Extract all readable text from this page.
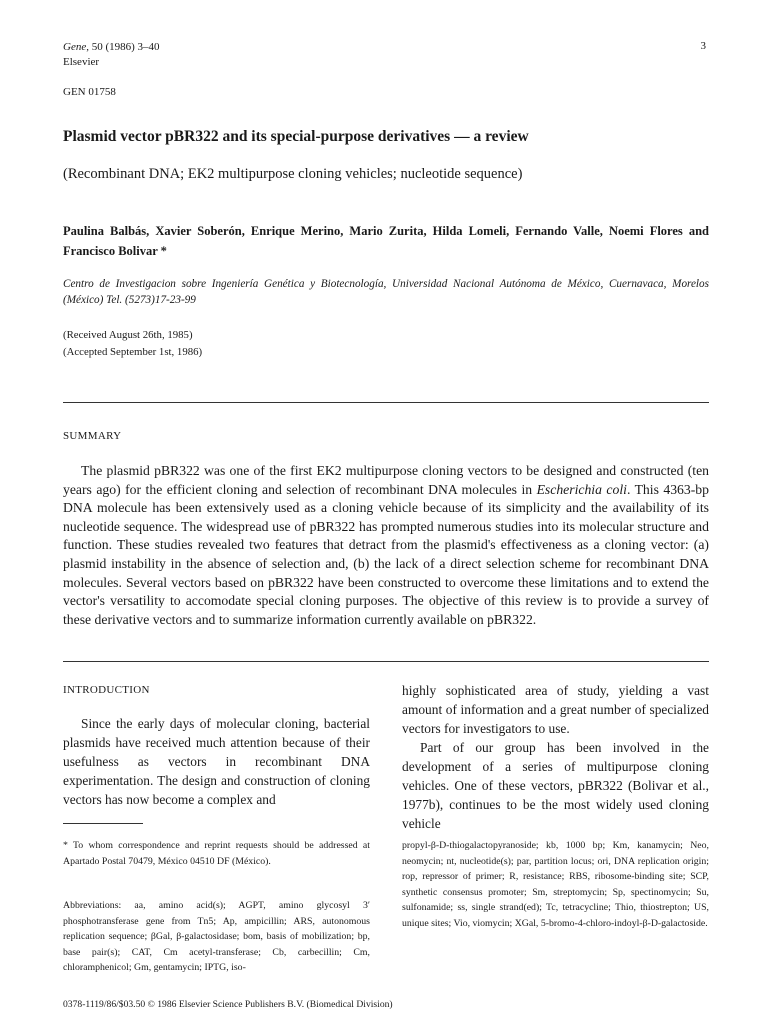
Gene, 50 (1986) 3–40
Elsevier
3
GEN 01758
Plasmid vector pBR322 and its special-purpose derivatives — a review
(Recombinant DNA; EK2 multipurpose cloning vehicles; nucleotide sequence)
Paulina Balbás, Xavier Soberón, Enrique Merino, Mario Zurita, Hilda Lomeli, Fernando Valle, Noemi Flores and Francisco Bolivar *
Centro de Investigacion sobre Ingeniería Genética y Biotecnología, Universidad Nacional Autónoma de México, Cuernavaca, Morelos (México) Tel. (5273)17-23-99
(Received August 26th, 1985)
(Accepted September 1st, 1986)
SUMMARY

The plasmid pBR322 was one of the first EK2 multipurpose cloning vectors to be designed and constructed (ten years ago) for the efficient cloning and selection of recombinant DNA molecules in Escherichia coli. This 4363-bp DNA molecule has been extensively used as a cloning vehicle because of its simplicity and the availability of its nucleotide sequence. The widespread use of pBR322 has prompted numerous studies into its molecular structure and function. These studies revealed two features that detract from the plasmid's effectiveness as a cloning vector: (a) plasmid instability in the absence of selection and, (b) the lack of a direct selection scheme for recombinant DNA molecules. Several vectors based on pBR322 have been constructed to overcome these limitations and to extend the vector's versatility to accomodate special cloning purposes. The objective of this review is to provide a survey of these derivative vectors and to summarize information currently available on pBR322.

INTRODUCTION

Since the early days of molecular cloning, bacterial plasmids have received much attention because of their usefulness as vectors in recombinant DNA experimentation. The design and construction of cloning vectors has now become a complex and

highly sophisticated area of study, yielding a vast amount of information and a great number of specialized vectors for investigators to use.

Part of our group has been involved in the development of a series of multipurpose cloning vehicles. One of these vectors, pBR322 (Bolivar et al., 1977b), continues to be the most widely used cloning vehicle

* To whom correspondence and reprint requests should be addressed at Apartado Postal 70479, México 04510 DF (México).

Abbreviations: aa, amino acid(s); AGPT, amino glycosyl 3′ phosphotransferase gene from Tn5; Ap, ampicillin; ARS, autonomous replication sequence; βGal, β-galactosidase; bom, basis of mobilization; bp, base pair(s); CAT, Cm acetyl-transferase; Cb, carbecillin; Cm, chloramphenicol; Gm, gentamycin; IPTG, iso-

propyl-β-D-thiogalactopyranoside; kb, 1000 bp; Km, kanamycin; Neo, neomycin; nt, nucleotide(s); par, partition locus; ori, DNA replication origin; rop, repressor of primer; R, resistance; RBS, ribosome-binding site; SCP, synthetic consensus promoter; Sm, streptomycin; Sp, spectinomycin; Su, sulfonamide; ss, single strand(ed); Tc, tetracycline; Thio, thiostrepton; US, unique sites; Vio, viomycin; XGal, 5-bromo-4-chloro-indoyl-β-D-galactoside.

0378-1119/86/$03.50 © 1986 Elsevier Science Publishers B.V. (Biomedical Division)
